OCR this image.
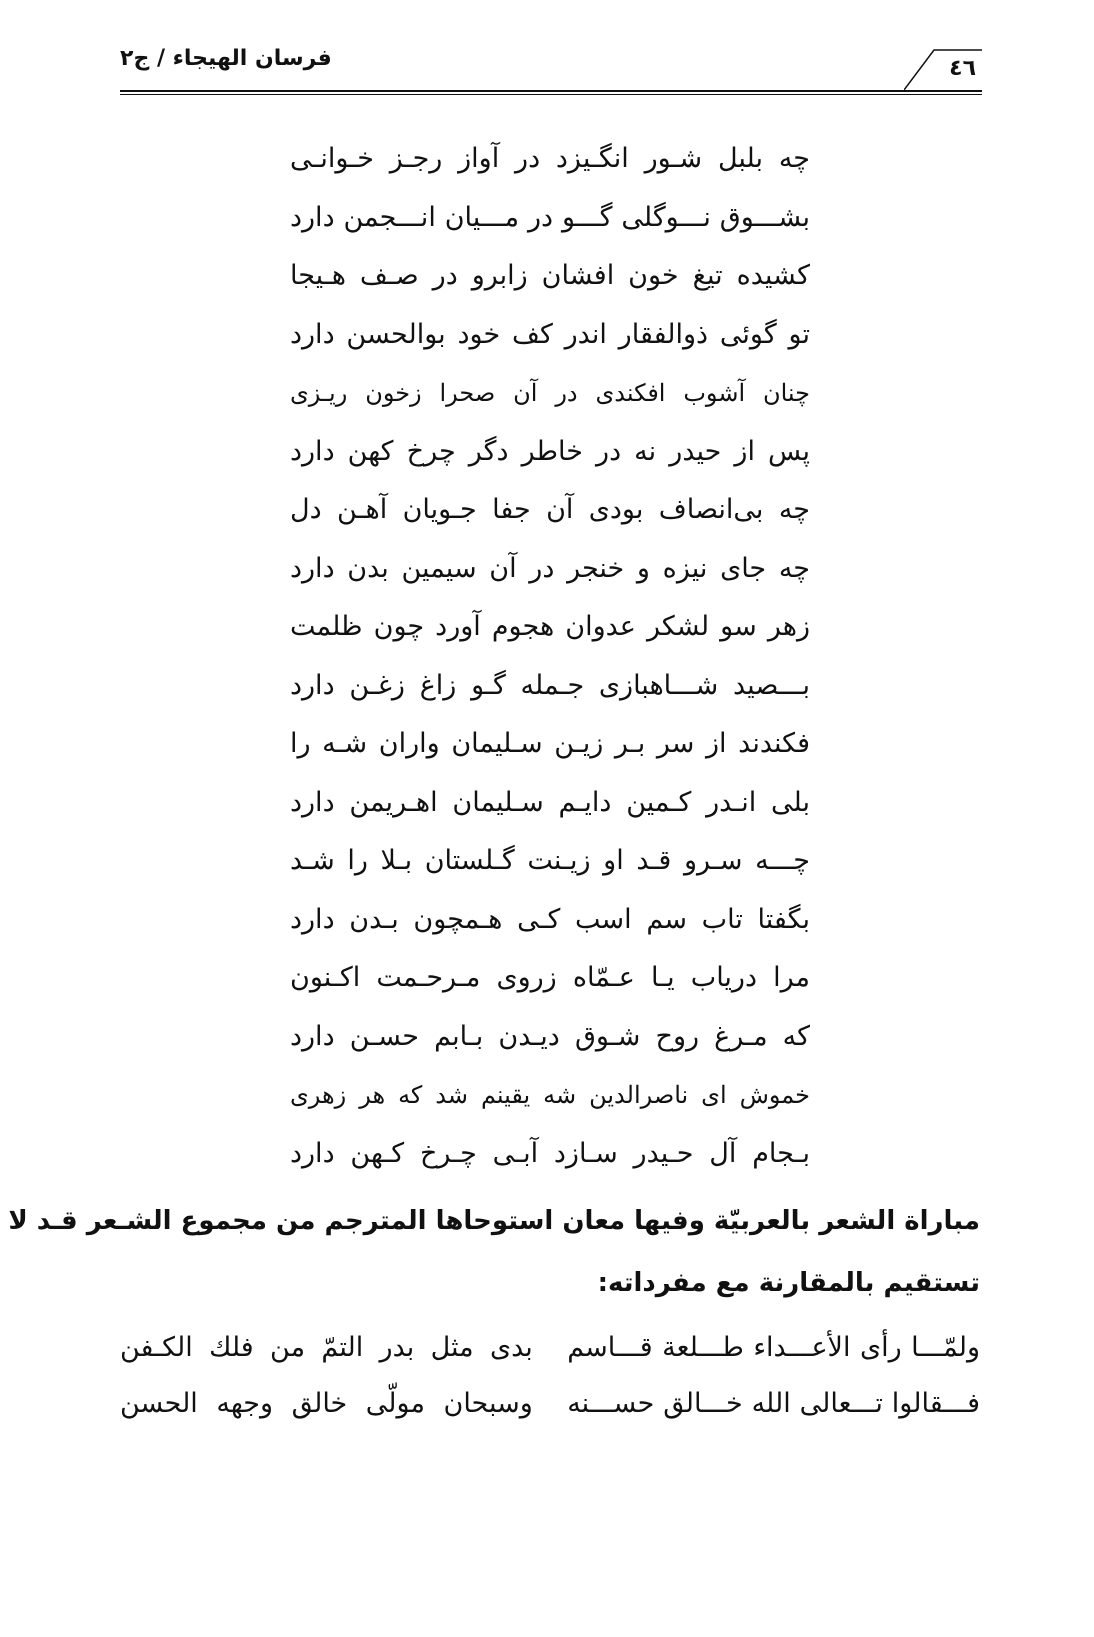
فرسان الهيجاء / ج٢	٤٦
چه بلبل شـور انگـیزد در آواز رجـز خـوانـی
بشـــوق نـــوگلی گـــو در مـــیان انـــجمن دارد
کشیده تیغ خون افشان زابرو در صـف هـیجا
تو گوئی ذوالفقار اندر کف خود بوالحسن دارد
چنان آشوب افکندی در آن صحرا زخون ریـزی
پس از حیدر نه در خاطر دگر چرخ کهن دارد
چه بی‌انصاف بودی آن جفا جـویان آهـن دل
چه جای نیزه و خنجر در آن سیمین بدن دارد
زهر سو لشکر عدوان هجوم آورد چون ظلمت
بـــصید شـــاهبازی جـمله گـو زاغ زغـن دارد
فکندند از سر بـر زیـن سـلیمان واران شـه را
بلی انـدر کـمین دایـم سـلیمان اهـریمن دارد
چـــه سـرو قـد او زیـنت گـلستان بـلا را شـد
بگفتا تاب سم اسب کـی هـمچون بـدن دارد
مرا دریاب یـا عـمّاه زروی مـرحـمت اکـنون
که مـرغ روح شـوق دیـدن بـابم حسـن دارد
خموش ای ناصرالدین شه یقینم شد که هر زهری
بـجام آل حـیدر سـازد آبـی چـرخ کـهن دارد
مباراة الشعر بالعربيّة وفيها معان استوحاها المترجم من مجموع الشـعر قـد لا
تستقيم بالمقارنة مع مفرداته:
ولمّـــا رأى الأعـــداء طـــلعة قـــاسم
بدى مثل بدر التمّ من فلك الكـفن
فـــقالوا تـــعالى الله خـــالق حســـنه
وسبحان مولّى خالق وجهه الحسن
